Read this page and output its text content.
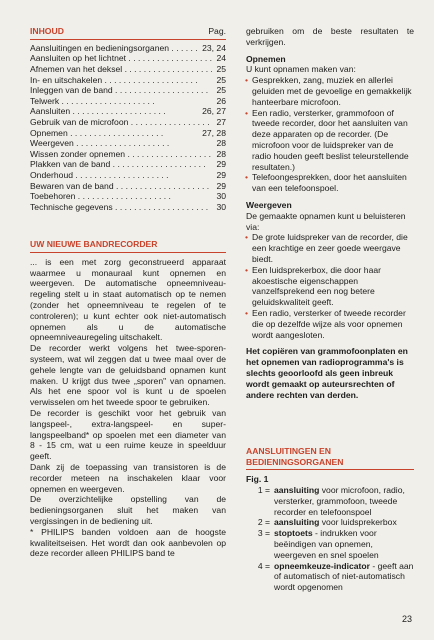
INHOUD	Pag.
Aansluitingen en bedieningsorganen . . .	23, 24
Aansluiten op het lichtnet . . .	24
Afnemen van het deksel . . .	25
In- en uitschakelen . . .	25
Inleggen van de band . . .	25
Telwerk . . .	26
Aansluiten . . .	26, 27
Gebruik van de microfoon . . .	27
Opnemen . . .	27, 28
Weergeven . . .	28
Wissen zonder opnemen . . .	28
Plakken van de band . . .	29
Onderhoud . . .	29
Bewaren van de band . . .	29
Toebehoren . . .	30
Technische gegevens . . .	30
UW NIEUWE BANDRECORDER

... is een met zorg geconstrueerd apparaat waarmee u monauraal kunt opnemen en weergeven. De automatische opneemniveau-regeling stelt u in staat automatisch op te nemen (zonder het opneemniveau te regelen of te controleren); u kunt echter ook niet-automatisch opnemen als u de automatische opneemniveauregeling uitschakelt.

De recorder werkt volgens het twee-sporen-systeem, wat wil zeggen dat u twee maal over de gehele lengte van de geluidsband opnamen kunt maken. U krijgt dus twee „sporen" van opnamen. Als het ene spoor vol is kunt u de spoelen verwisselen om het tweede spoor te gebruiken.

De recorder is geschikt voor het gebruik van langspeel-, extra-langspeel- en super-langspeelband* op spoelen met een diameter van 8 - 15 cm, wat u een ruime keuze in speelduur geeft.

Dank zij de toepassing van transistoren is de recorder meteen na inschakelen klaar voor opnemen en weergeven.

De overzichtelijke opstelling van de bedieningsorganen sluit het maken van vergissingen in de bediening uit.

* PHILIPS banden voldoen aan de hoogste kwaliteitseisen. Het wordt dan ook aanbevolen op deze recorder alleen PHILIPS band te

gebruiken om de beste resultaten te verkrijgen.

Opnemen

U kunt opnamen maken van:

• Gesprekken, zang, muziek en allerlei geluiden met de gevoelige en gemakkelijk hanteerbare microfoon.
• Een radio, versterker, grammofoon of tweede recorder, door het aansluiten van deze apparaten op de recorder. (De microfoon voor de luidspreker van de radio houden geeft beslist teleurstellende resultaten.)
• Telefoongesprekken, door het aansluiten van een telefoonspoel.

Weergeven

De gemaakte opnamen kunt u beluisteren via:

• De grote luidspreker van de recorder, die een krachtige en zeer goede weergave biedt.
• Een luidsprekerbox, die door haar akoestische eigenschappen vanzelfsprekend een nog betere geluidskwaliteit geeft.
• Een radio, versterker of tweede recorder die op dezelfde wijze als voor opnemen wordt aangesloten.

Het copiëren van grammofoonplaten en het opnemen van radioprogramma's is slechts geoorloofd als geen inbreuk wordt gemaakt op auteursrechten of andere rechten van derden.

AANSLUITINGEN EN BEDIENINGSORGANEN

Fig. 1

1 = aansluiting voor microfoon, radio, versterker, grammofoon, tweede recorder en telefoonspoel
2 = aansluiting voor luidsprekerbox
3 = stoptoets - indrukken voor beëindigen van opnemen, weergeven en snel spoelen
4 = opneemkeuze-indicator - geeft aan of automatisch of niet-automatisch wordt opgenomen
23
